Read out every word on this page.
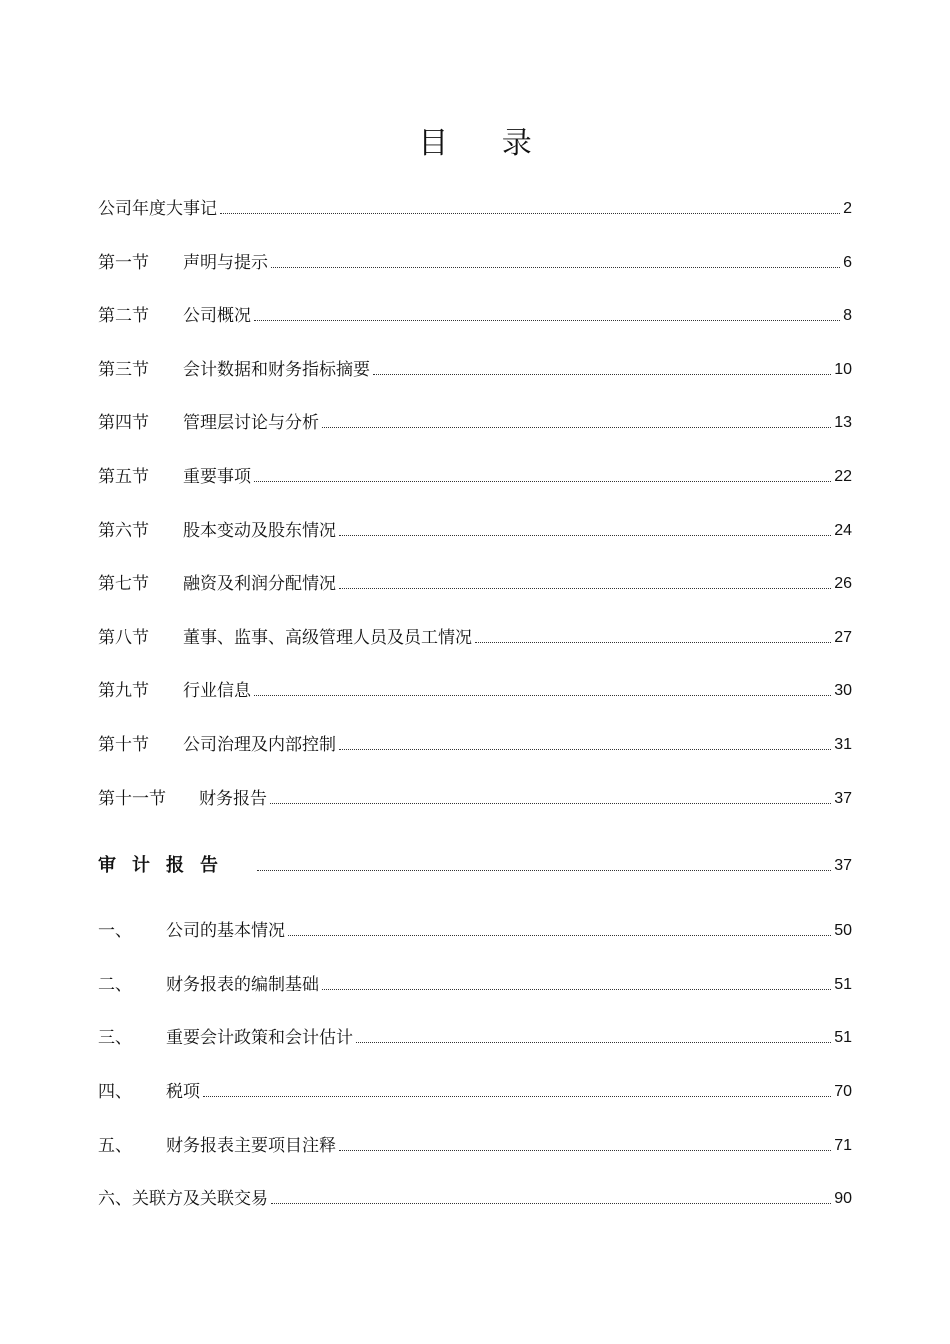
目 录
公司年度大事记	2
第一节	声明与提示	6
第二节	公司概况	8
第三节	会计数据和财务指标摘要	10
第四节	管理层讨论与分析	13
第五节	重要事项	22
第六节	股本变动及股东情况	24
第七节	融资及利润分配情况	26
第八节	董事、监事、高级管理人员及员工情况	27
第九节	行业信息	30
第十节	公司治理及内部控制	31
第十一节	财务报告	37
审计报告	37
一、	公司的基本情况	50
二、	财务报表的编制基础	51
三、	重要会计政策和会计估计	51
四、	税项	70
五、	财务报表主要项目注释	71
六、关联方及关联交易	90
